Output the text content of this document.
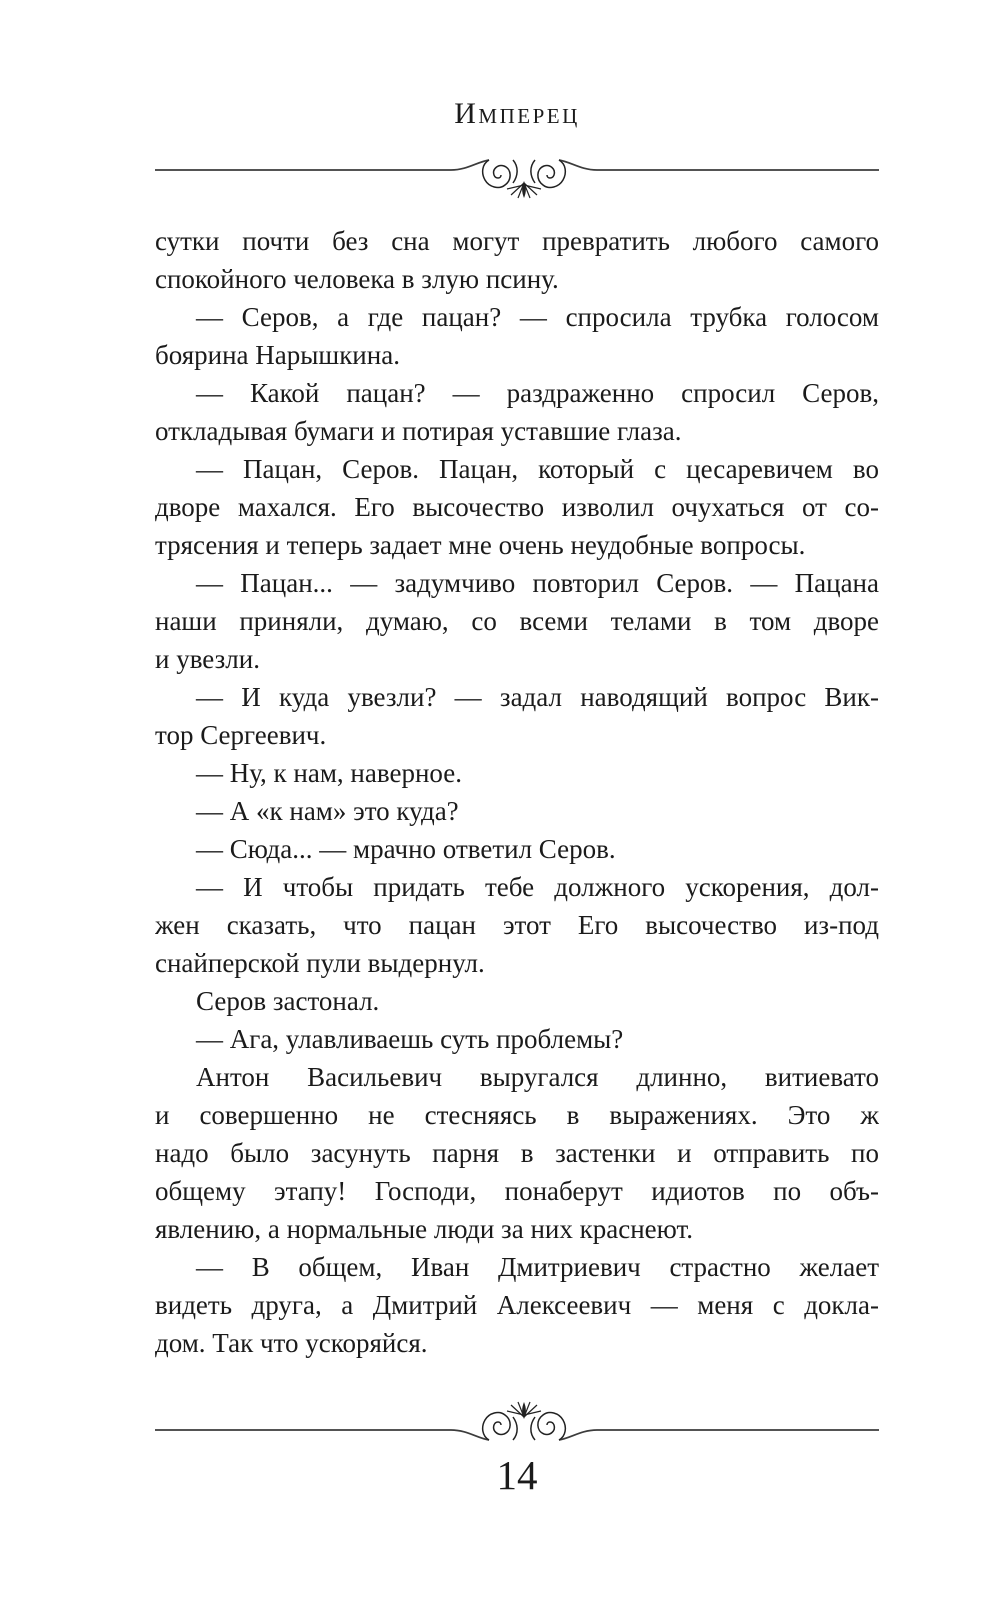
Имперец
сутки почти без сна могут превратить любого самого
спокойного человека в злую псину.
— Серов, а где пацан? — спросила трубка голосом
боярина Нарышкина.
— Какой пацан? — раздраженно спросил Серов,
откладывая бумаги и потирая уставшие глаза.
— Пацан, Серов. Пацан, который с цесаревичем во
дворе махался. Его высочество изволил очухаться от со-
трясения и теперь задает мне очень неудобные вопросы.
— Пацан... — задумчиво повторил Серов. — Пацана
наши приняли, думаю, со всеми телами в том дворе
и увезли.
— И куда увезли? — задал наводящий вопрос Вик-
тор Сергеевич.
— Ну, к нам, наверное.
— А «к нам» это куда?
— Сюда... — мрачно ответил Серов.
— И чтобы придать тебе должного ускорения, дол-
жен сказать, что пацан этот Его высочество из-под
снайперской пули выдернул.
Серов застонал.
— Ага, улавливаешь суть проблемы?
Антон Васильевич выругался длинно, витиевато
и совершенно не стесняясь в выражениях. Это ж
надо было засунуть парня в застенки и отправить по
общему этапу! Господи, понаберут идиотов по объ-
явлению, а нормальные люди за них краснеют.
— В общем, Иван Дмитриевич страстно желает
видеть друга, а Дмитрий Алексеевич — меня с докла-
дом. Так что ускоряйся.
14
